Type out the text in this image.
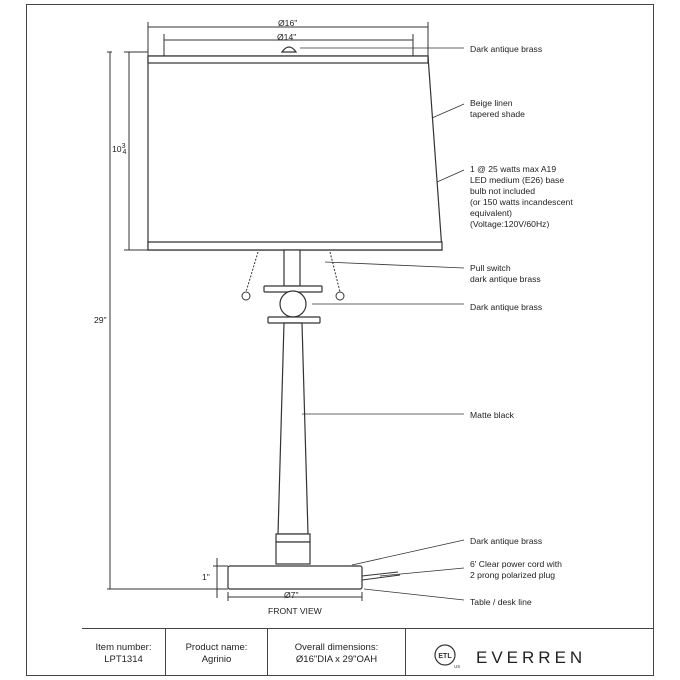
Ø16"
Ø14"
$10^3_4$
29"
1"
Ø7"
Dark antique brass
Beige linen
tapered shade
1 @ 25 watts max A19
LED medium (E26) base
bulb not included
(or 150 watts incandescent
equivalent)
(Voltage:120V/60Hz)
Pull switch
dark antique brass
Dark antique brass
Matte black
Dark antique brass
6' Clear power cord with
2 prong polarized plug
Table / desk line
FRONT VIEW
Item number:
LPT1314
Product name:
Agrinio
Overall dimensions:
Ø16"DIA x 29"OAH	ETL
US EVERREN
